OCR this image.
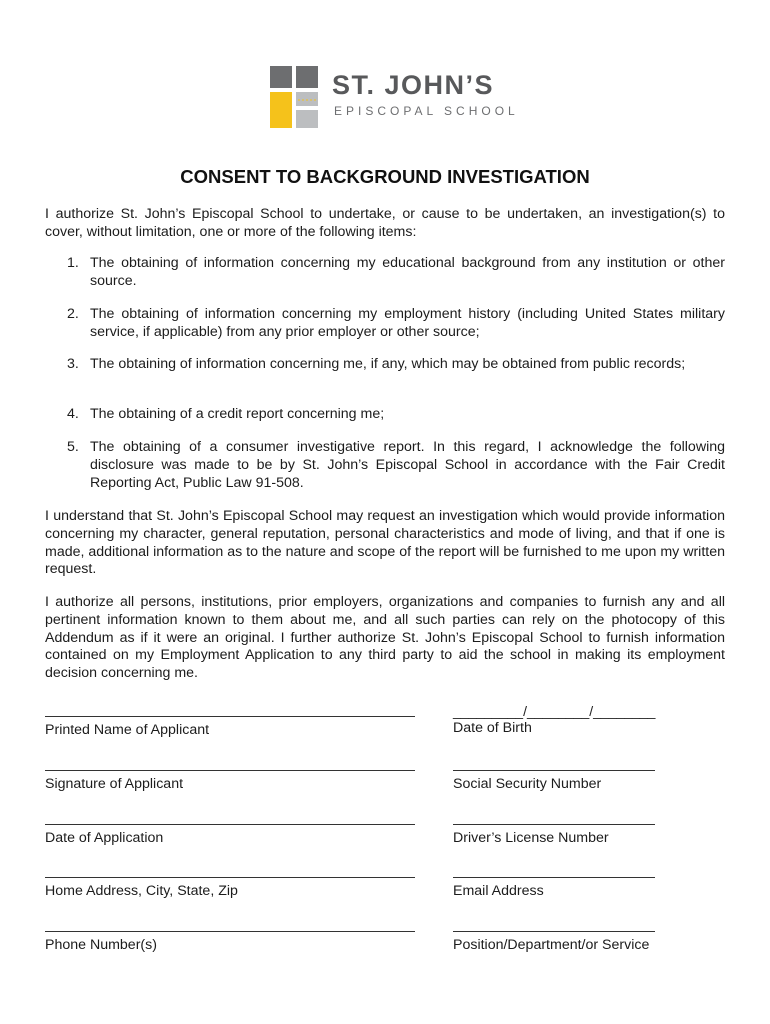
ST. JOHN’S
EPISCOPAL SCHOOL
CONSENT TO BACKGROUND INVESTIGATION

I authorize St. John’s Episcopal School to undertake, or cause to be undertaken, an investigation(s) to cover, without limitation, one or more of the following items:

1. The obtaining of information concerning my educational background from any institution or other source.
2. The obtaining of information concerning my employment history (including United States military service, if applicable) from any prior employer or other source;
3. The obtaining of information concerning me, if any, which may be obtained from public records;
4. The obtaining of a credit report concerning me;
5. The obtaining of a consumer investigative report. In this regard, I acknowledge the following disclosure was made to be by St. John’s Episcopal School in accordance with the Fair Credit Reporting Act, Public Law 91-508.

I understand that St. John’s Episcopal School may request an investigation which would provide information concerning my character, general reputation, personal characteristics and mode of living, and that if one is made, additional information as to the nature and scope of the report will be furnished to me upon my written request.

I authorize all persons, institutions, prior employers, organizations and companies to furnish any and all pertinent information known to them about me, and all such parties can rely on the photocopy of this Addendum as if it were an original. I further authorize St. John’s Episcopal School to furnish information contained on my Employment Application to any third party to aid the school in making its employment decision concerning me.

Printed Name of Applicant
Signature of Applicant
Date of Application
Home Address, City, State, Zip
Phone Number(s)
_________/________/________
Date of Birth
Social Security Number
Driver’s License Number
Email Address
Position/Department/or Service
